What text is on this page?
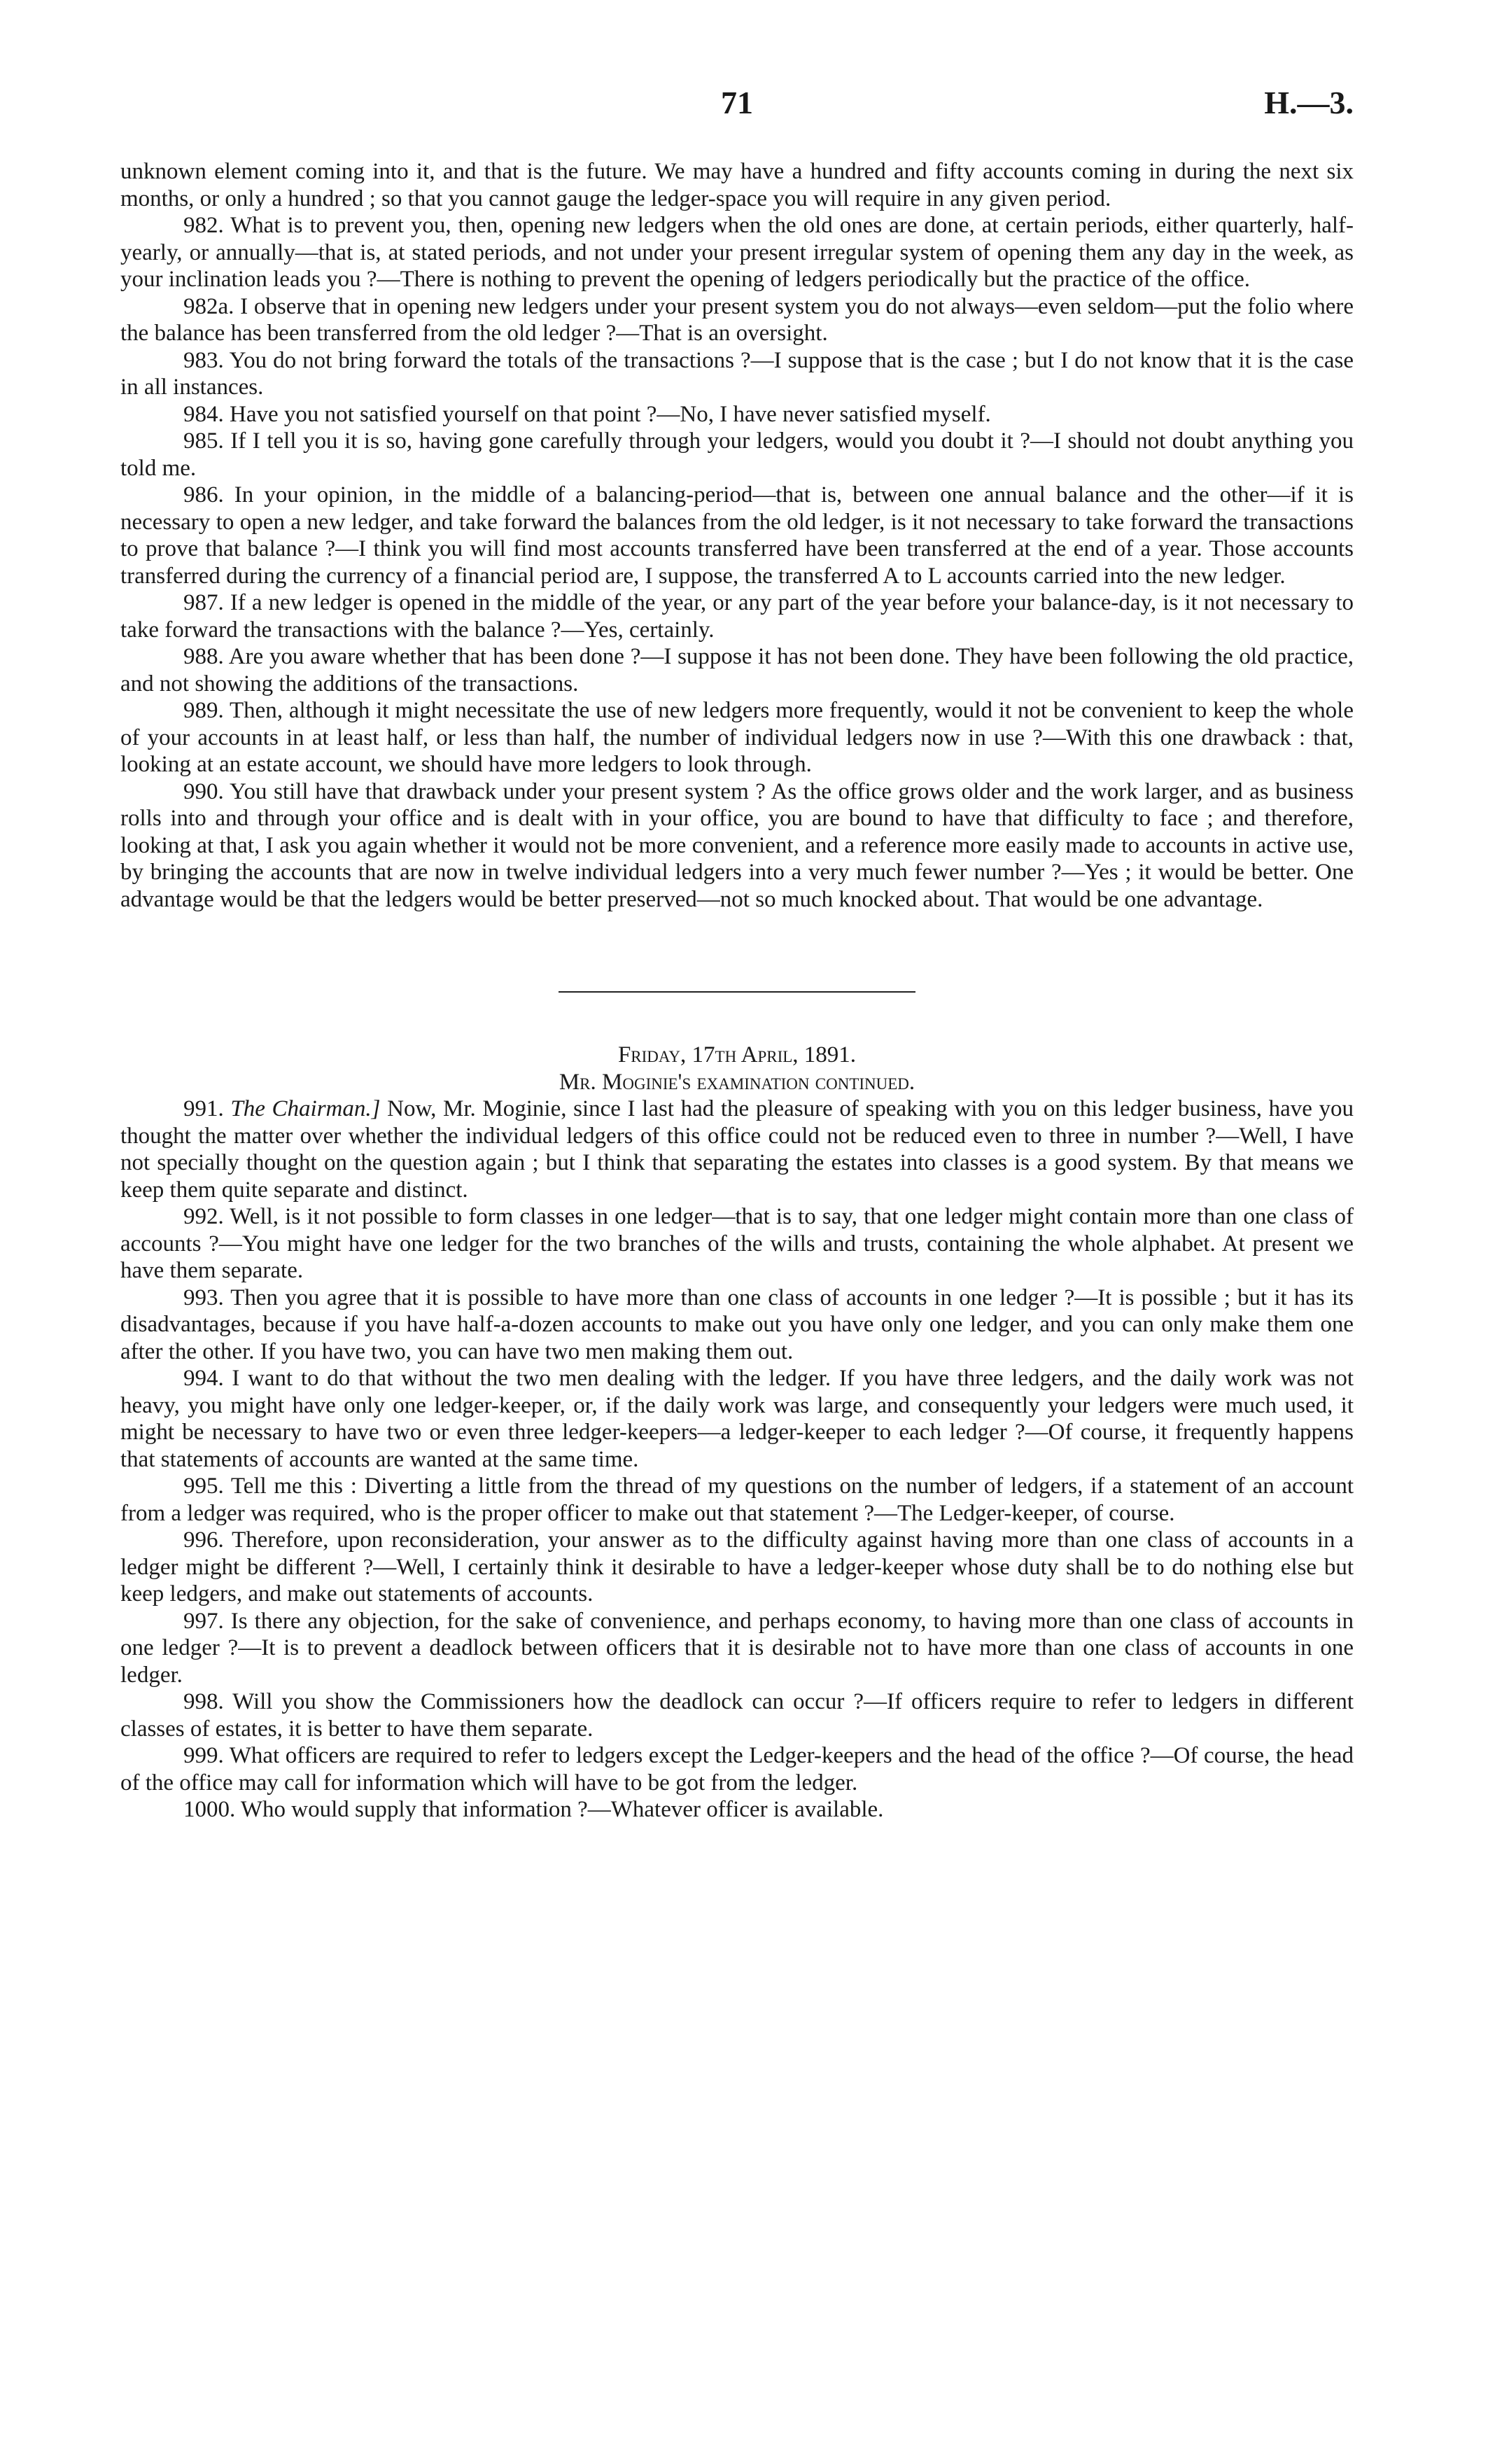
71	H.—3.

unknown element coming into it, and that is the future. We may have a hundred and fifty accounts coming in during the next six months, or only a hundred ; so that you cannot gauge the ledger-space you will require in any given period.

982. What is to prevent you, then, opening new ledgers when the old ones are done, at certain periods, either quarterly, half-yearly, or annually—that is, at stated periods, and not under your present irregular system of opening them any day in the week, as your inclination leads you ?—There is nothing to prevent the opening of ledgers periodically but the practice of the office.

982a. I observe that in opening new ledgers under your present system you do not always—even seldom—put the folio where the balance has been transferred from the old ledger ?—That is an oversight.

983. You do not bring forward the totals of the transactions ?—I suppose that is the case ; but I do not know that it is the case in all instances.

984. Have you not satisfied yourself on that point ?—No, I have never satisfied myself.

985. If I tell you it is so, having gone carefully through your ledgers, would you doubt it ?—I should not doubt anything you told me.

986. In your opinion, in the middle of a balancing-period—that is, between one annual balance and the other—if it is necessary to open a new ledger, and take forward the balances from the old ledger, is it not necessary to take forward the transactions to prove that balance ?—I think you will find most accounts transferred have been transferred at the end of a year. Those accounts transferred during the currency of a financial period are, I suppose, the transferred A to L accounts carried into the new ledger.

987. If a new ledger is opened in the middle of the year, or any part of the year before your balance-day, is it not necessary to take forward the transactions with the balance ?—Yes, certainly.

988. Are you aware whether that has been done ?—I suppose it has not been done. They have been following the old practice, and not showing the additions of the transactions.

989. Then, although it might necessitate the use of new ledgers more frequently, would it not be convenient to keep the whole of your accounts in at least half, or less than half, the number of individual ledgers now in use ?—With this one drawback : that, looking at an estate account, we should have more ledgers to look through.

990. You still have that drawback under your present system ? As the office grows older and the work larger, and as business rolls into and through your office and is dealt with in your office, you are bound to have that difficulty to face ; and therefore, looking at that, I ask you again whether it would not be more convenient, and a reference more easily made to accounts in active use, by bringing the accounts that are now in twelve individual ledgers into a very much fewer number ?—Yes ; it would be better. One advantage would be that the ledgers would be better preserved—not so much knocked about. That would be one advantage.

Friday, 17th April, 1891.

Mr. Moginie's examination continued.

991. The Chairman.] Now, Mr. Moginie, since I last had the pleasure of speaking with you on this ledger business, have you thought the matter over whether the individual ledgers of this office could not be reduced even to three in number ?—Well, I have not specially thought on the question again ; but I think that separating the estates into classes is a good system. By that means we keep them quite separate and distinct.

992. Well, is it not possible to form classes in one ledger—that is to say, that one ledger might contain more than one class of accounts ?—You might have one ledger for the two branches of the wills and trusts, containing the whole alphabet. At present we have them separate.

993. Then you agree that it is possible to have more than one class of accounts in one ledger ?—It is possible ; but it has its disadvantages, because if you have half-a-dozen accounts to make out you have only one ledger, and you can only make them one after the other. If you have two, you can have two men making them out.

994. I want to do that without the two men dealing with the ledger. If you have three ledgers, and the daily work was not heavy, you might have only one ledger-keeper, or, if the daily work was large, and consequently your ledgers were much used, it might be necessary to have two or even three ledger-keepers—a ledger-keeper to each ledger ?—Of course, it frequently happens that statements of accounts are wanted at the same time.

995. Tell me this : Diverting a little from the thread of my questions on the number of ledgers, if a statement of an account from a ledger was required, who is the proper officer to make out that statement ?—The Ledger-keeper, of course.

996. Therefore, upon reconsideration, your answer as to the difficulty against having more than one class of accounts in a ledger might be different ?—Well, I certainly think it desirable to have a ledger-keeper whose duty shall be to do nothing else but keep ledgers, and make out statements of accounts.

997. Is there any objection, for the sake of convenience, and perhaps economy, to having more than one class of accounts in one ledger ?—It is to prevent a deadlock between officers that it is desirable not to have more than one class of accounts in one ledger.

998. Will you show the Commissioners how the deadlock can occur ?—If officers require to refer to ledgers in different classes of estates, it is better to have them separate.

999. What officers are required to refer to ledgers except the Ledger-keepers and the head of the office ?—Of course, the head of the office may call for information which will have to be got from the ledger.

1000. Who would supply that information ?—Whatever officer is available.
